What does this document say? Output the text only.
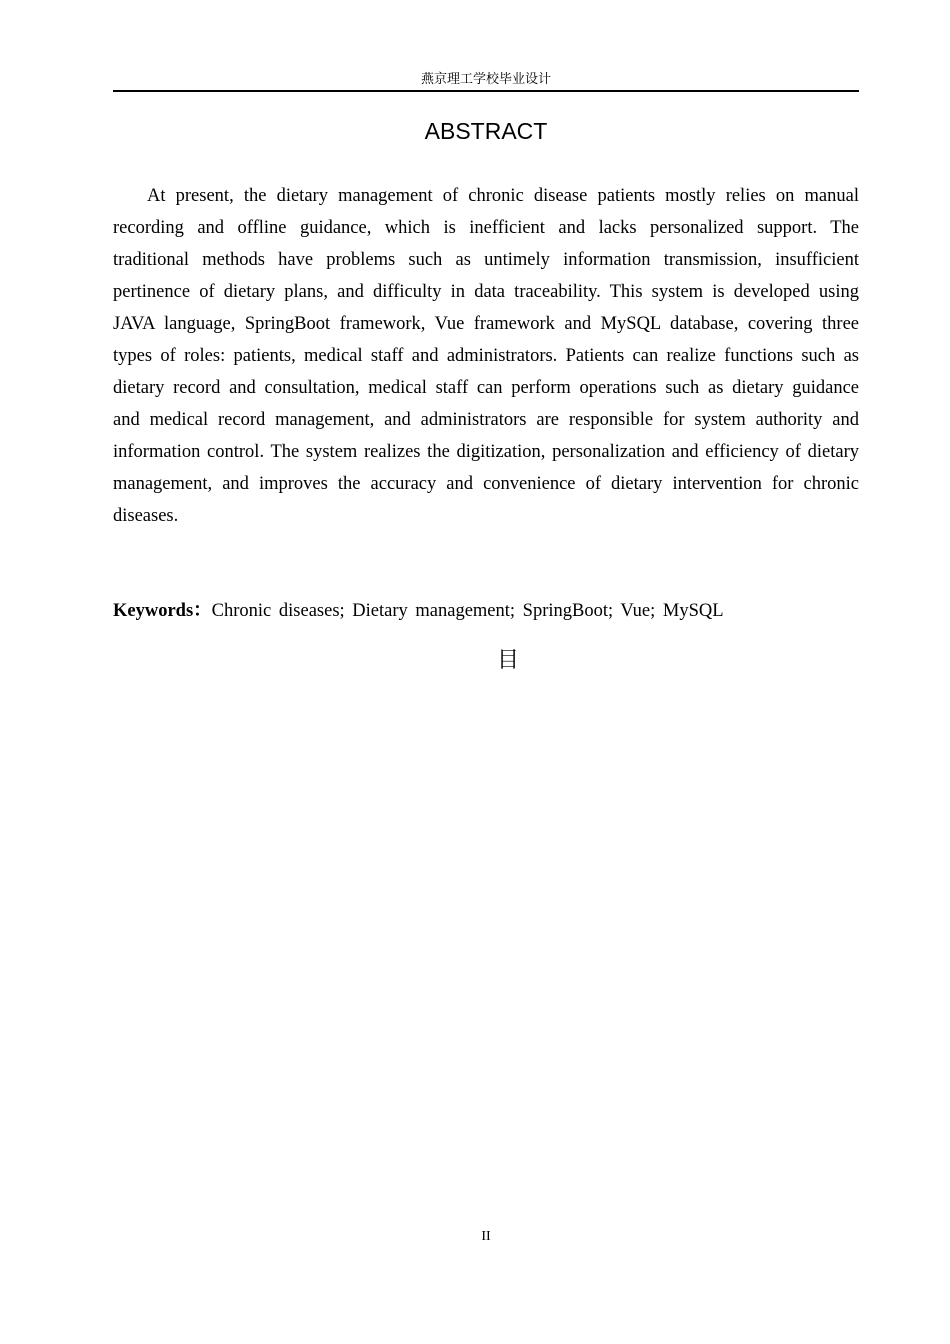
燕京理工学校毕业设计
ABSTRACT

At present, the dietary management of chronic disease patients mostly relies on manual recording and offline guidance, which is inefficient and lacks personalized support. The traditional methods have problems such as untimely information transmission, insufficient pertinence of dietary plans, and difficulty in data traceability. This system is developed using JAVA language, SpringBoot framework, Vue framework and MySQL database, covering three types of roles: patients, medical staff and administrators. Patients can realize functions such as dietary record and consultation, medical staff can perform operations such as dietary guidance and medical record management, and administrators are responsible for system authority and information control. The system realizes the digitization, personalization and efficiency of dietary management, and improves the accuracy and convenience of dietary intervention for chronic diseases.

Keywords：Chronic diseases; Dietary management; SpringBoot; Vue; MySQL

目
II
